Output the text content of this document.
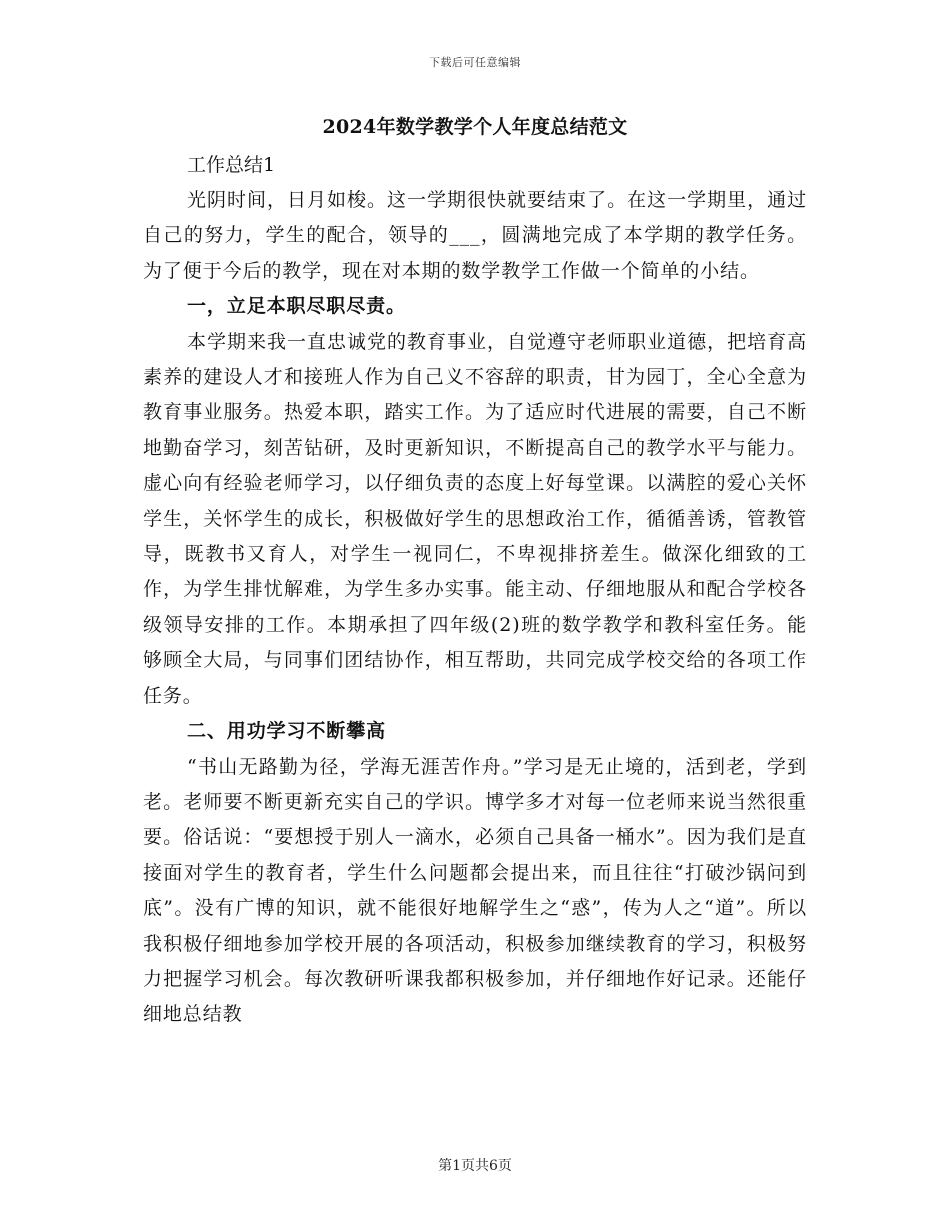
下载后可任意编辑
2024年数学教学个人年度总结范文

工作总结1

光阴时间，日月如梭。这一学期很快就要结束了。在这一学期里，通过自己的努力，学生的配合，领导的___，圆满地完成了本学期的教学任务。为了便于今后的教学，现在对本期的数学教学工作做一个简单的小结。

一，立足本职尽职尽责。

本学期来我一直忠诚党的教育事业，自觉遵守老师职业道德，把培育高素养的建设人才和接班人作为自己义不容辞的职责，甘为园丁，全心全意为教育事业服务。热爱本职，踏实工作。为了适应时代进展的需要，自己不断地勤奋学习，刻苦钻研，及时更新知识，不断提高自己的教学水平与能力。虚心向有经验老师学习，以仔细负责的态度上好每堂课。以满腔的爱心关怀学生，关怀学生的成长，积极做好学生的思想政治工作，循循善诱，管教管导，既教书又育人，对学生一视同仁，不卑视排挤差生。做深化细致的工作，为学生排忧解难，为学生多办实事。能主动、仔细地服从和配合学校各级领导安排的工作。本期承担了四年级(2)班的数学教学和教科室任务。能够顾全大局，与同事们团结协作，相互帮助，共同完成学校交给的各项工作任务。

二、用功学习不断攀高

“书山无路勤为径，学海无涯苦作舟。”学习是无止境的，活到老，学到老。老师要不断更新充实自己的学识。博学多才对每一位老师来说当然很重要。俗话说：“要想授于别人一滴水，必须自己具备一桶水”。因为我们是直接面对学生的教育者，学生什么问题都会提出来，而且往往“打破沙锅问到底”。没有广博的知识，就不能很好地解学生之“惑”，传为人之“道”。所以我积极仔细地参加学校开展的各项活动，积极参加继续教育的学习，积极努力把握学习机会。每次教研听课我都积极参加，并仔细地作好记录。还能仔细地总结教

第1页共6页
